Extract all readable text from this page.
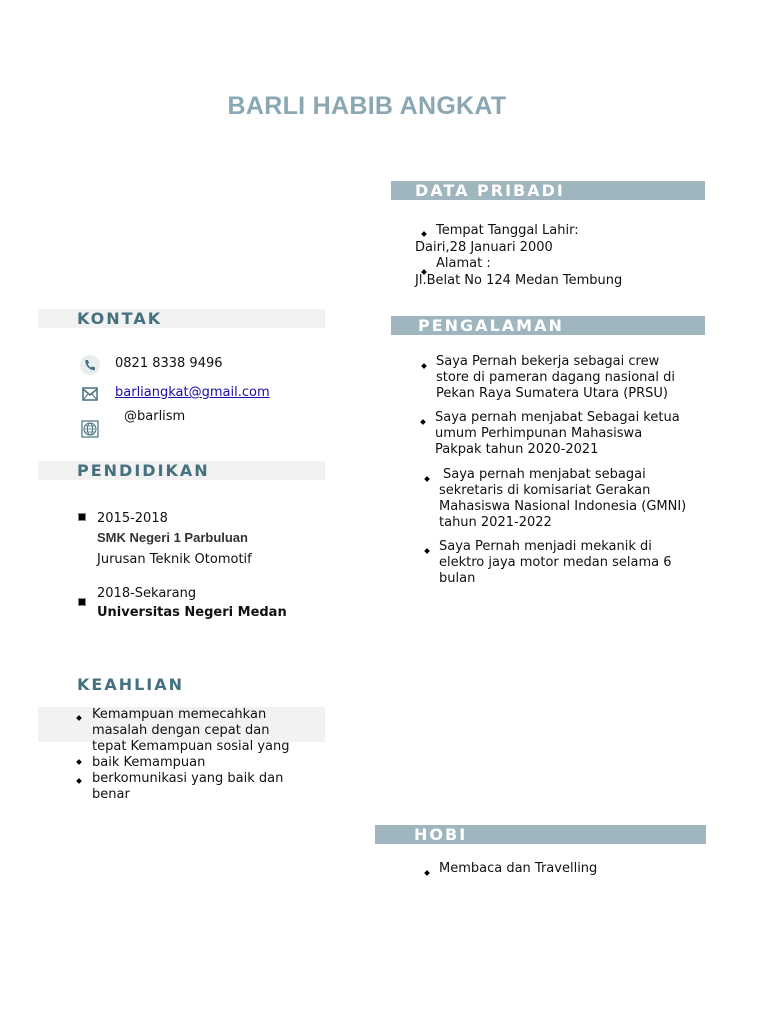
BARLI HABIB ANGKAT
DATA PRIBADI
Tempat Tanggal Lahir:
Dairi,28 Januari 2000
Alamat :
Jl.Belat No 124 Medan Tembung
KONTAK
0821 8338 9496
barliangkat@gmail.com
@barlism
PENGALAMAN
Saya Pernah bekerja sebagai crew
store di pameran dagang nasional di
Pekan Raya Sumatera Utara (PRSU)
Saya pernah menjabat Sebagai ketua
umum Perhimpunan Mahasiswa
Pakpak tahun 2020-2021
Saya pernah menjabat sebagai
sekretaris di komisariat Gerakan
Mahasiswa Nasional Indonesia (GMNI)
tahun 2021-2022
Saya Pernah menjadi mekanik di
elektro jaya motor medan selama 6
bulan
PENDIDIKAN
2015-2018
SMK Negeri 1 Parbuluan
Jurusan Teknik Otomotif
2018-Sekarang
Universitas Negeri Medan
KEAHLIAN
Kemampuan memecahkan
masalah dengan cepat dan
tepat Kemampuan sosial yang
baik Kemampuan
berkomunikasi yang baik dan
benar
HOBI
Membaca dan Travelling
